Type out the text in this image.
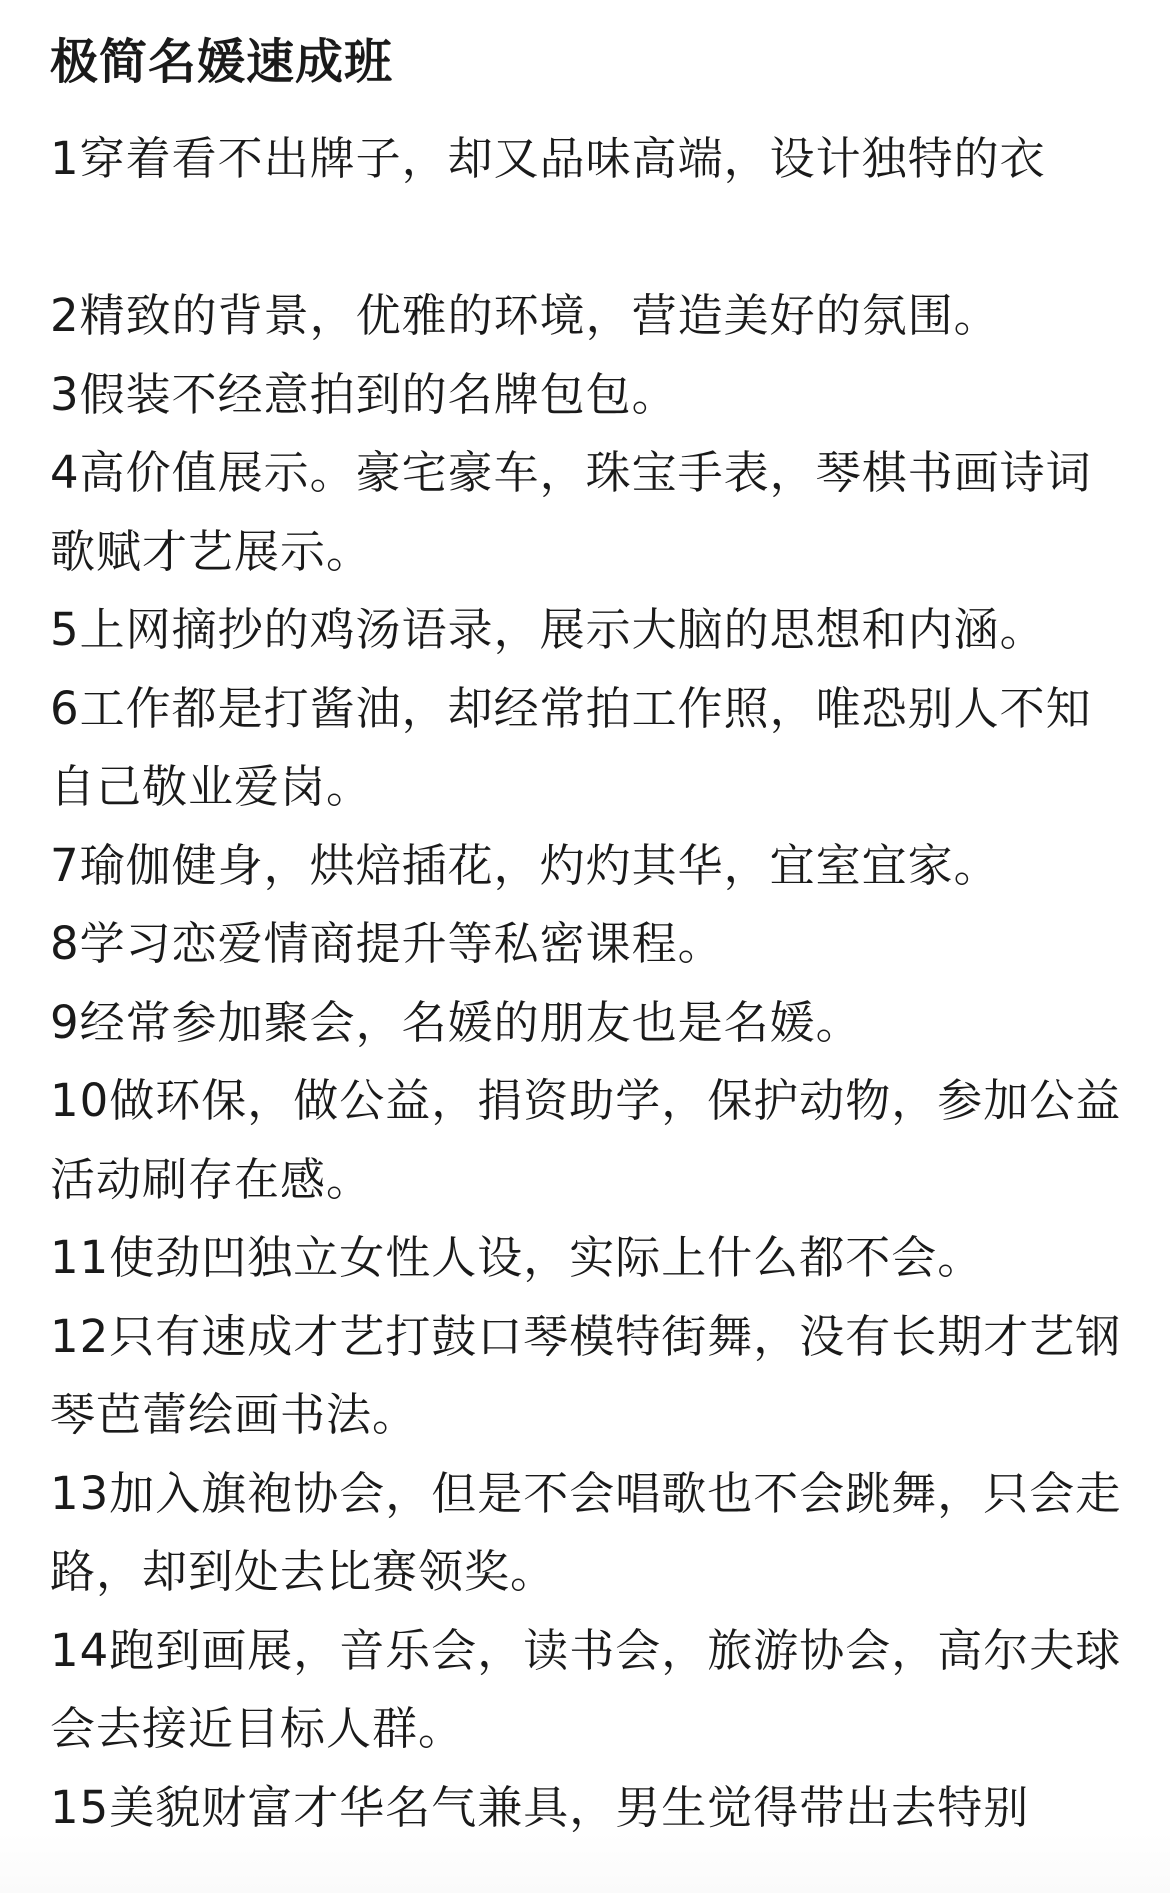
极简名媛速成班
1穿着看不出牌子，却又品味高端，设计独特的衣
2精致的背景，优雅的环境，营造美好的氛围。
3假装不经意拍到的名牌包包。
4高价值展示。豪宅豪车，珠宝手表，琴棋书画诗词歌赋才艺展示。
5上网摘抄的鸡汤语录，展示大脑的思想和内涵。
6工作都是打酱油，却经常拍工作照，唯恐别人不知自己敬业爱岗。
7瑜伽健身，烘焙插花，灼灼其华，宜室宜家。
8学习恋爱情商提升等私密课程。
9经常参加聚会，名媛的朋友也是名媛。
10做环保，做公益，捐资助学，保护动物，参加公益活动刷存在感。
11使劲凹独立女性人设，实际上什么都不会。
12只有速成才艺打鼓口琴模特街舞，没有长期才艺钢琴芭蕾绘画书法。
13加入旗袍协会，但是不会唱歌也不会跳舞，只会走路，却到处去比赛领奖。
14跑到画展，音乐会，读书会，旅游协会，高尔夫球会去接近目标人群。
15美貌财富才华名气兼具，男生觉得带出去特别
